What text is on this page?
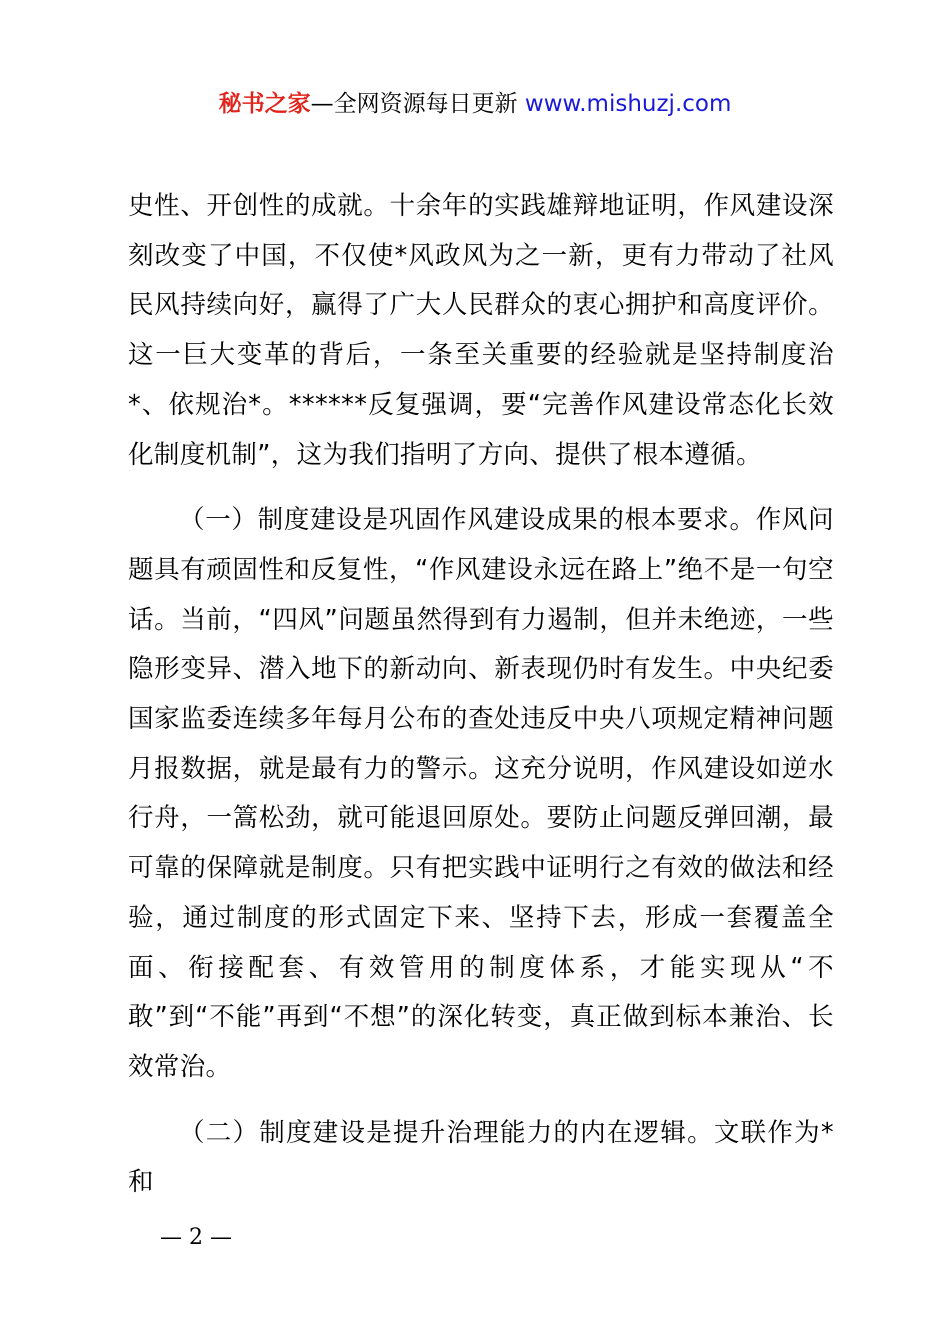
秘书之家—全网资源每日更新 www.mishuzj.com

史性、开创性的成就。十余年的实践雄辩地证明，作风建设深刻改变了中国，不仅使*风政风为之一新，更有力带动了社风民风持续向好，赢得了广大人民群众的衷心拥护和高度评价。这一巨大变革的背后，一条至关重要的经验就是坚持制度治*、依规治*。******反复强调，要“完善作风建设常态化长效化制度机制”，这为我们指明了方向、提供了根本遵循。

（一）制度建设是巩固作风建设成果的根本要求。作风问题具有顽固性和反复性，“作风建设永远在路上”绝不是一句空话。当前，“四风”问题虽然得到有力遏制，但并未绝迹，一些隐形变异、潜入地下的新动向、新表现仍时有发生。中央纪委国家监委连续多年每月公布的查处违反中央八项规定精神问题月报数据，就是最有力的警示。这充分说明，作风建设如逆水行舟，一篙松劲，就可能退回原处。要防止问题反弹回潮，最可靠的保障就是制度。只有把实践中证明行之有效的做法和经验，通过制度的形式固定下来、坚持下去，形成一套覆盖全面、衔接配套、有效管用的制度体系，才能实现从“不敢”到“不能”再到“不想”的深化转变，真正做到标本兼治、长效常治。

（二）制度建设是提升治理能力的内在逻辑。文联作为*和

— 2 —
